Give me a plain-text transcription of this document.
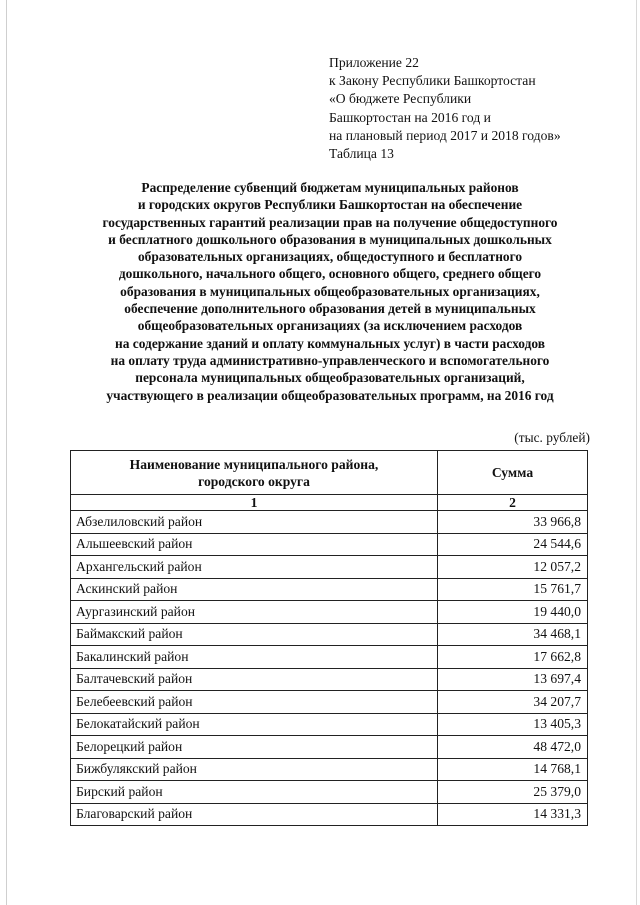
Приложение 22
к Закону Республики Башкортостан
«О бюджете Республики
Башкортостан на 2016 год и
на плановый период 2017 и 2018 годов»
Таблица 13
Распределение субвенций бюджетам муниципальных районов
и городских округов Республики Башкортостан на обеспечение
государственных гарантий реализации прав на получение общедоступного
и бесплатного дошкольного образования в муниципальных дошкольных
образовательных организациях, общедоступного и бесплатного
дошкольного, начального общего, основного общего, среднего общего
образования в муниципальных общеобразовательных организациях,
обеспечение дополнительного образования детей в муниципальных
общеобразовательных организациях (за исключением расходов
на содержание зданий и оплату коммунальных услуг) в части расходов
на оплату труда административно-управленческого и вспомогательного
персонала муниципальных общеобразовательных организаций,
участвующего в реализации общеобразовательных программ, на 2016 год
(тыс. рублей)
Наименование муниципального района,
городского округа	Сумма
1	2
Абзелиловский район	33 966,8
Альшеевский район	24 544,6
Архангельский район	12 057,2
Аскинский район	15 761,7
Аургазинский район	19 440,0
Баймакский район	34 468,1
Бакалинский район	17 662,8
Балтачевский район	13 697,4
Белебеевский район	34 207,7
Белокатайский район	13 405,3
Белорецкий район	48 472,0
Бижбулякский район	14 768,1
Бирский район	25 379,0
Благоварский район	14 331,3
